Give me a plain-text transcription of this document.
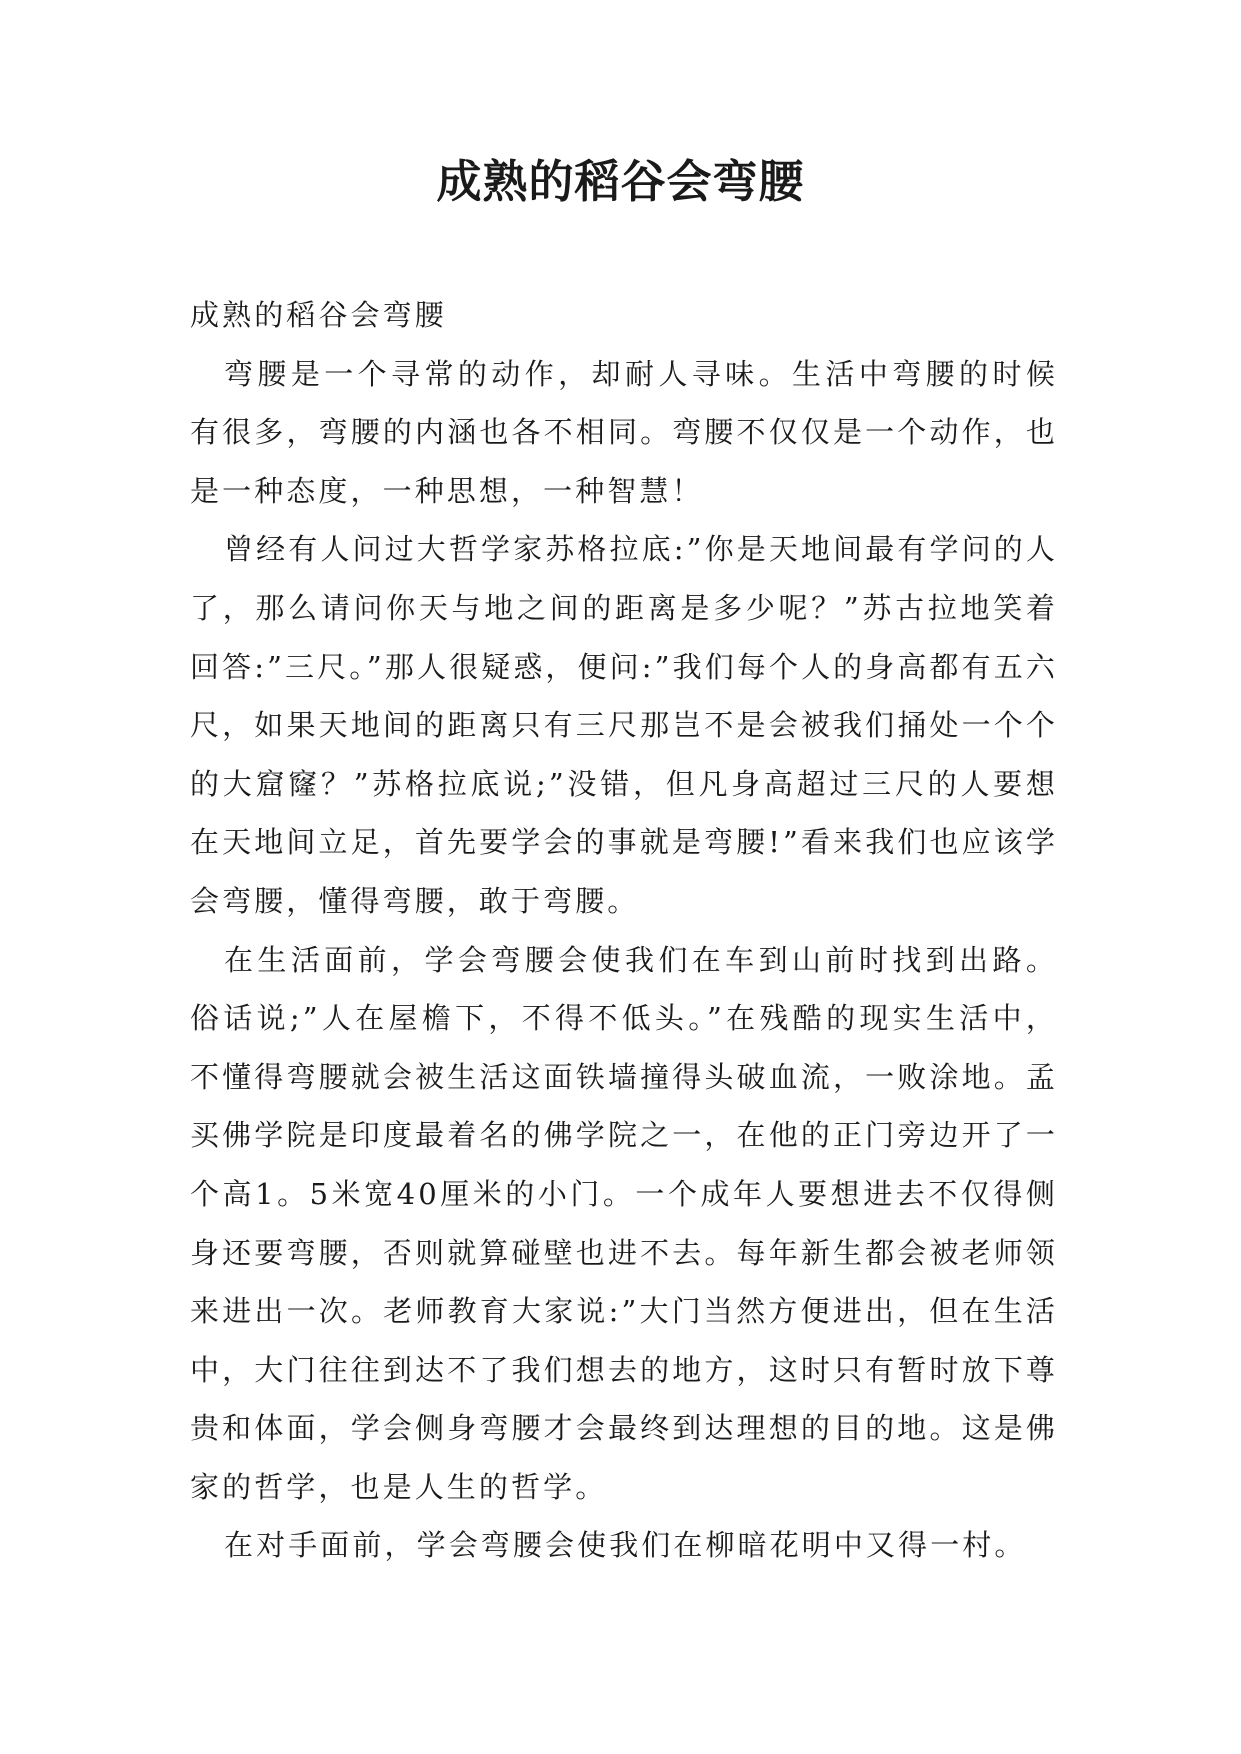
成熟的稻谷会弯腰

成熟的稻谷会弯腰

弯腰是一个寻常的动作，却耐人寻味。生活中弯腰的时候有很多，弯腰的内涵也各不相同。弯腰不仅仅是一个动作，也是一种态度，一种思想，一种智慧！

曾经有人问过大哲学家苏格拉底:”你是天地间最有学问的人了，那么请问你天与地之间的距离是多少呢？”苏古拉地笑着回答:”三尺。”那人很疑惑，便问:”我们每个人的身高都有五六尺，如果天地间的距离只有三尺那岂不是会被我们捅处一个个的大窟窿？”苏格拉底说;”没错，但凡身高超过三尺的人要想在天地间立足，首先要学会的事就是弯腰!”看来我们也应该学会弯腰，懂得弯腰，敢于弯腰。

在生活面前，学会弯腰会使我们在车到山前时找到出路。俗话说;”人在屋檐下，不得不低头。”在残酷的现实生活中，不懂得弯腰就会被生活这面铁墙撞得头破血流，一败涂地。孟买佛学院是印度最着名的佛学院之一，在他的正门旁边开了一个高1。5米宽40厘米的小门。一个成年人要想进去不仅得侧身还要弯腰，否则就算碰壁也进不去。每年新生都会被老师领来进出一次。老师教育大家说:”大门当然方便进出，但在生活中，大门往往到达不了我们想去的地方，这时只有暂时放下尊贵和体面，学会侧身弯腰才会最终到达理想的目的地。这是佛家的哲学，也是人生的哲学。

在对手面前，学会弯腰会使我们在柳暗花明中又得一村。
